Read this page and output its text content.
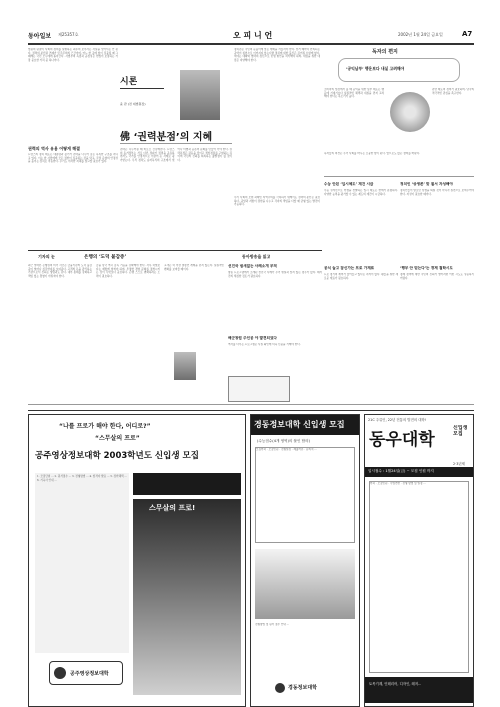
동아일보 제25357호	오 피 니 언	2002년 1월 24일 금요일	A7
법원의 판결이 사회의 정의를 실현하는 최후의 보루라는 사실을 잊어서는 안 된다. 권력의 분산과 견제가 민주주의의 근간이며, 어느 한 곳에 힘이 집중될 때 그 폐해는 국민 모두에게 돌아간다. 사법부의 독립과 공정성은 헌법이 보장하는 가장 중요한 가치 중 하나이다.
권력의 역사 유용 어떻게 해결
프랑스의 정치 제도는 대통령과 총리가 권력을 나누어 갖는 독특한 구조를 지니고 있다. 이는 한 사람에게 모든 권한이 집중되는 것을 막고, 국정 운영의 안정성을 높이는 장치로 작동한다. 우리도 이러한 지혜를 참고할 필요가 있다.
시론
윤 관 (전 대법원장)
佛 ‘권력분점’의 지혜
권력은 나누어질 때 비로소 건강해진다. 프랑스의 동거정부는 서로 다른 정파가 권력을 공유하면서도 국가를 안정적으로 이끌어 온 사례로 평가받는다. 우리 정치도 승자독식의 구조에서 벗어나 타협과 공존의 문화를 만들어 가야 한다. 권력분점은 갈등을 줄이고 책임정치를 구현하는 길이며 국민의 신뢰를 회복하는 출발점이 될 것이다.
정치권은 국민의 눈높이에 맞는 개혁을 서둘러야 한다. 선거 때마다 반복되는 공약이 실천으로 이어지지 않는다면 정치에 대한 불신은 깊어질 수밖에 없다. 여야는 대화와 협력의 정신으로 민생 현안을 처리해야 하며, 대립을 위한 대립은 지양해야 한다.
우리 사회의 오랜 과제인 지역주의를 극복하기 위해서도 권력의 분산은 필요하다. 중앙과 지방이 권한을 나누고 각자의 책임을 다할 때 균형 있는 발전이 가능하다.
독자의 편지
‘공익납부’ 행운보다 내실 고려해야
소비자의 입장에서 볼 때 공익을 위한 납부 제도는 행운에 기대기보다 실질적인 혜택과 내실을 먼저 고려해야 한다는 목소리가 높다.
관련 제도의 정비가 필요하며, 당국의 적극적인 관심을 촉구한다.
독자들의 의견은 우리 사회를 바꾸는 소중한 힘이 된다. 앞으로도 많은 참여를 바란다.
수능 안된 ‘입시체도’ 재건 시급	정치인 ‘상생론’ 맞 절서 자성해야
수능 성적만으로 학생을 선발하는 입시 제도는 한계가 분명하다. 다양한 능력을 평가할 수 있는 제도의 재건이 시급하다.
정치인들이 말로만 상생을 외칠 것이 아니라 실천으로 보여주어야 한다. 자성이 필요한 때이다.
공식 늘고 잠신가는 프로 가재료	‘행부 안 믿는다’는 경제 철학시도
프로 경기의 재미가 줄어들고 있다는 지적이 많다. 팬들을 위한 새로운 재료가 필요하다.
경제 정책에 대한 국민의 신뢰가 떨어지면 어떤 시도도 성공하기 어렵다.
기자의 눈	은행의 ‘도덕 불감증’
최근 잇따른 은행권의 비리 사건은 금융기관의 도덕 불감증이 얼마나 심각한지를 보여준다. 고객의 돈을 관리하는 기관으로서 신뢰는 생명과도 같다. 내부 통제를 강화하고 책임 있는 경영이 이뤄져야 한다.
금융 당국 역시 감독 기능을 강화해야 한다. 사후 처벌보다는 예방에 힘써야 하며, 투명한 경영 문화를 정착시키는 것이 무엇보다 중요하다. 은행 스스로 변화하려는 노력이 필요하다.
고객은 더 이상 말뿐인 개혁을 믿지 않는다. 실질적인 변화를 보여줄 때이다.
동아방송을 읽고
선진국 냄새없는 사례소개 부적
방송 프로그램에서 소개된 선진국 사례가 우리 현실과 맞지 않는 경우가 많다. 제작진의 세심한 검토가 필요하다.
해군창립 주인공 야 발견되었다
역사를 다루는 프로그램은 사실 확인에 더욱 신중을 기해야 한다.
“나를 프로가 해야 한다, 어디로?”
“스무살의 프로”
공주영상정보대학 2003학년도 신입생 모집
1. 모집단위 ... 2. 원서접수 ... 3. 전형방법 ... 4. 합격자 발표 ... 5. 장학혜택 ... 6. 기숙사 안내 ...
스무살의 프로!
공주영상정보대학
경동정보대학 신입생 모집
(수능점수(4개 영역)의 불인 합의)
모집학과 · 모집인원 · 전형일정 · 제출서류 · 문의처 ...
전형방법 및 원서 접수 안내 ...
경동정보대학
21C 주류인, 22년 전통의 발전의 대학!
동우대학
신입생 모집
2·3년제
입시접수 : 1월24일(금) ~ 모집 인원 까지
학과 · 모집인원 · 수업연한 · 전형 방법 및 일정 ...
토목기계, 인테리어, 디자인, 레저...
